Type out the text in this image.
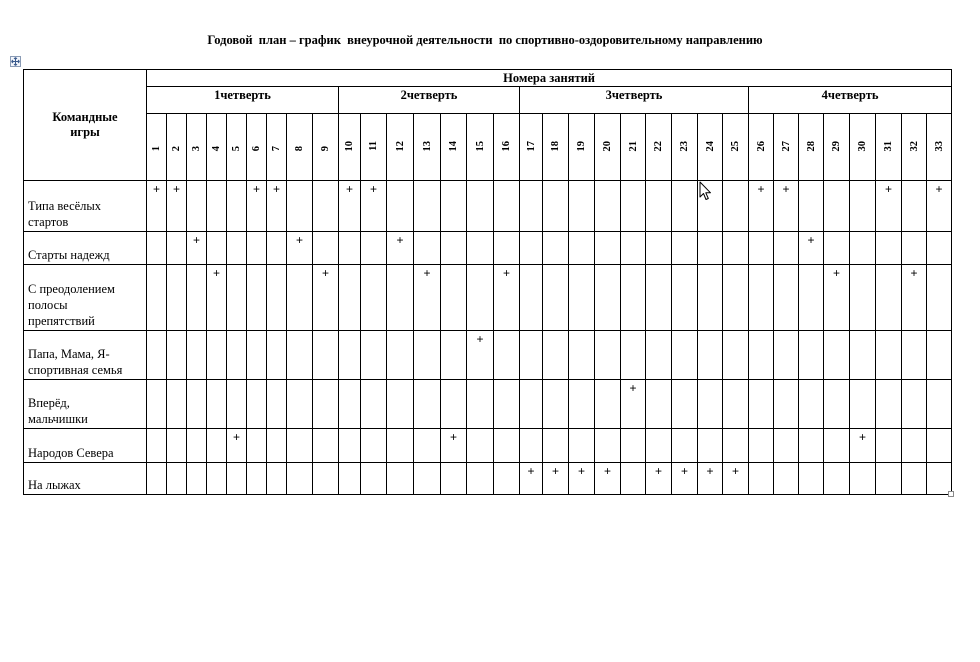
Годовой  план – график  внеурочной деятельности  по спортивно-оздоровительному направлению
Командные
игры	Номера занятий																																
	1четверть									2четверть							3четверть									4четверть							
	1	2	3	4	5	6	7	8	9	10	11	12	13	14	15	16	17	18	19	20	21	22	23	24	25	26	27	28	29	30	31	32	33
Типа весёлых
стартов	+	+				+	+			+	+															+	+				+		+
Старты надежд			+					+				+																+					
С преодолением
полосы
препятствий				+					+				+			+													+			+	
Папа, Мама, Я-
спортивная семья															+																		
Вперёд,
мальчишки																					+												
Народов Севера					+									+																+			
На лыжах																	+	+	+	+		+	+	+	+								
